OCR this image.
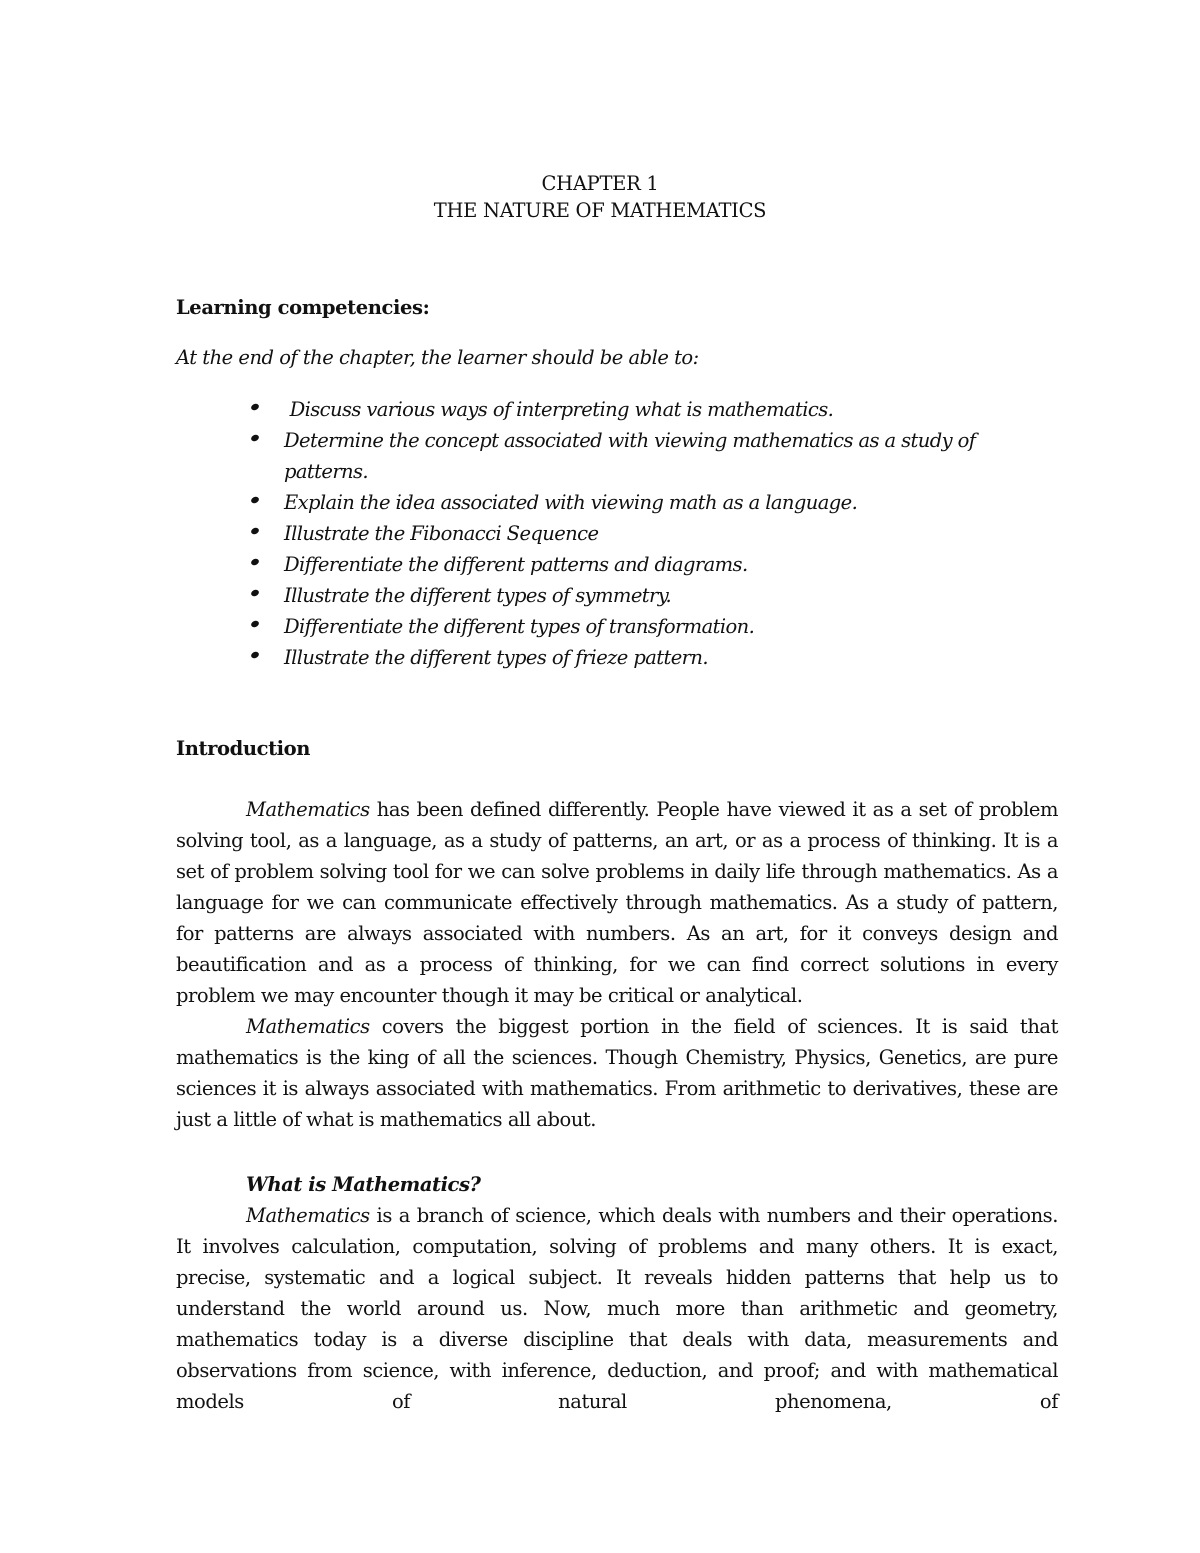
CHAPTER 1
THE NATURE OF MATHEMATICS
Learning competencies:
At the end of the chapter, the learner should be able to:
Discuss various ways of interpreting what is mathematics.
Determine the concept associated with viewing mathematics as a study of patterns.
Explain the idea associated with viewing math as a language.
Illustrate the Fibonacci Sequence
Differentiate the different patterns and diagrams.
Illustrate the different types of symmetry.
Differentiate the different types of transformation.
Illustrate the different types of frieze pattern.
Introduction

Mathematics has been defined differently. People have viewed it as a set of problem solving tool, as a language, as a study of patterns, an art, or as a process of thinking. It is a set of problem solving tool for we can solve problems in daily life through mathematics. As a language for we can communicate effectively through mathematics. As a study of pattern, for patterns are always associated with numbers. As an art, for it conveys design and beautification and as a process of thinking, for we can find correct solutions in every problem we may encounter though it may be critical or analytical.

Mathematics covers the biggest portion in the field of sciences. It is said that mathematics is the king of all the sciences. Though Chemistry, Physics, Genetics, are pure sciences it is always associated with mathematics. From arithmetic to derivatives, these are just a little of what is mathematics all about.

What is Mathematics?

Mathematics is a branch of science, which deals with numbers and their operations. It involves calculation, computation, solving of problems and many others. It is exact, precise, systematic and a logical subject. It reveals hidden patterns that help us to understand the world around us. Now, much more than arithmetic and geometry, mathematics today is a diverse discipline that deals with data, measurements and observations from science, with inference, deduction, and proof; and with mathematical models of natural phenomena, of
